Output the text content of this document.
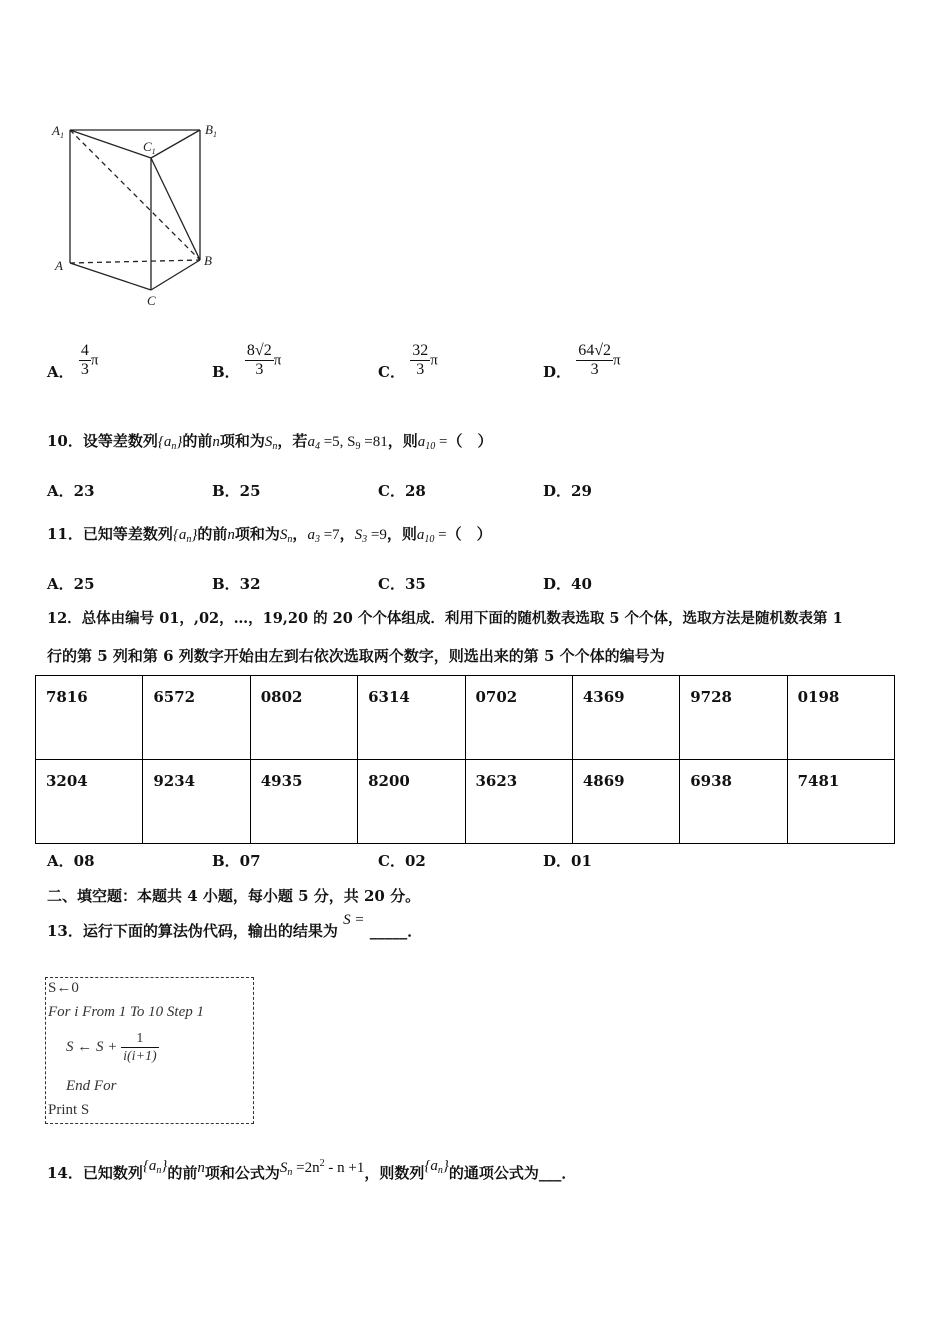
$A_1$	$B_1$
$C_1$
A	B
C
A． $\frac{4}{3}$ π
B． $\frac{8√2}{3}$ π
C． $\frac{32}{3}$ π
D． $\frac{64√2}{3}$ π
10．设等差数列$\{a_n\}$的前n项和为$S_n$，若$a_4 =5$, $S_9 =81$，则$a_{10}$ =（　）
A．23	B．25	C．28	D．29
11．已知等差数列$\{a_n\}$的前n项和为$S_n$，$a_3 =7$，$S_3 =9$，则$a_{10}$ =（　）
A．25	B．32	C．35	D．40
12．总体由编号 01，,02，…，19,20 的 20 个个体组成．利用下面的随机数表选取 5 个个体，选取方法是随机数表第 1
行的第 5 列和第 6 列数字开始由左到右依次选取两个数字，则选出来的第 5 个个体的编号为
7816	6572	0802	6314	0702	4369	9728	0198
3204	9234	4935	8200	3623	4869	6938	7481
A．08	B．07	C．02	D．01
二、填空题：本题共 4 小题，每小题 5 分，共 20 分。
13．运行下面的算法伪代码，输出的结果为 S = _____．
S←0
For i From 1 To 10 Step 1
S ← $S + \frac{1}{i(i+1)}$
End For
Print S
14．已知数列$\{a_n\}$的前n项和公式为$S_n =2n^2 - n +1$，则数列$\{a_n\}$的通项公式为___．
